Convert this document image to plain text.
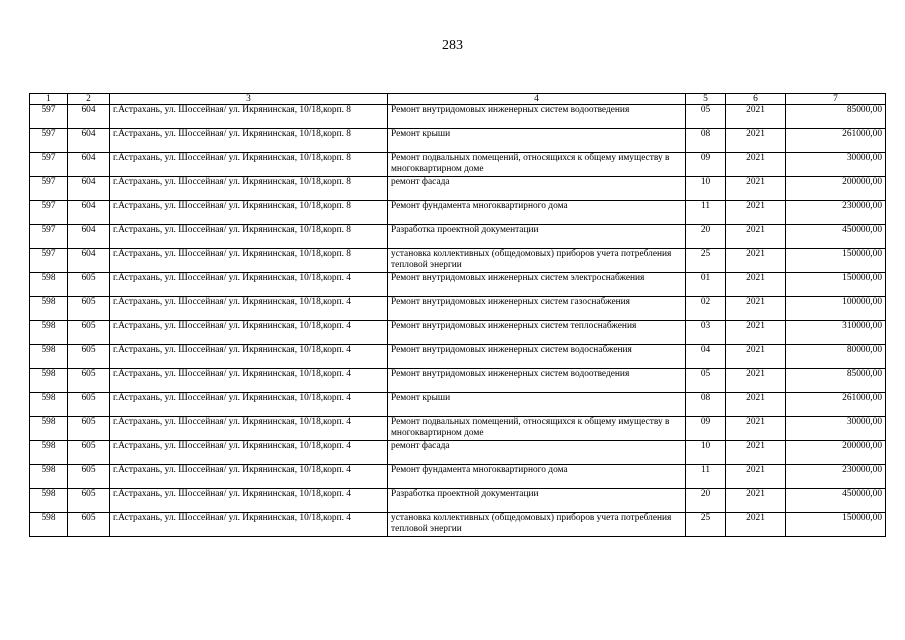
283
1	2	3	4	5	6	7
597	604	г.Астрахань, ул. Шоссейная/ ул. Икрянинская, 10/18,корп. 8	Ремонт внутридомовых инженерных систем водоотведения	05	2021	85000,00
597	604	г.Астрахань, ул. Шоссейная/ ул. Икрянинская, 10/18,корп. 8	Ремонт крыши	08	2021	261000,00
597	604	г.Астрахань, ул. Шоссейная/ ул. Икрянинская, 10/18,корп. 8	Ремонт подвальных помещений, относящихся к общему имуществу в многоквартирном доме	09	2021	30000,00
597	604	г.Астрахань, ул. Шоссейная/ ул. Икрянинская, 10/18,корп. 8	ремонт фасада	10	2021	200000,00
597	604	г.Астрахань, ул. Шоссейная/ ул. Икрянинская, 10/18,корп. 8	Ремонт фундамента многоквартирного дома	11	2021	230000,00
597	604	г.Астрахань, ул. Шоссейная/ ул. Икрянинская, 10/18,корп. 8	Разработка проектной документации	20	2021	450000,00
597	604	г.Астрахань, ул. Шоссейная/ ул. Икрянинская, 10/18,корп. 8	установка коллективных (общедомовых) приборов учета потребления тепловой энергии	25	2021	150000,00
598	605	г.Астрахань, ул. Шоссейная/ ул. Икрянинская, 10/18,корп. 4	Ремонт внутридомовых инженерных систем электроснабжения	01	2021	150000,00
598	605	г.Астрахань, ул. Шоссейная/ ул. Икрянинская, 10/18,корп. 4	Ремонт внутридомовых инженерных систем газоснабжения	02	2021	100000,00
598	605	г.Астрахань, ул. Шоссейная/ ул. Икрянинская, 10/18,корп. 4	Ремонт внутридомовых инженерных систем теплоснабжения	03	2021	310000,00
598	605	г.Астрахань, ул. Шоссейная/ ул. Икрянинская, 10/18,корп. 4	Ремонт внутридомовых инженерных систем водоснабжения	04	2021	80000,00
598	605	г.Астрахань, ул. Шоссейная/ ул. Икрянинская, 10/18,корп. 4	Ремонт внутридомовых инженерных систем водоотведения	05	2021	85000,00
598	605	г.Астрахань, ул. Шоссейная/ ул. Икрянинская, 10/18,корп. 4	Ремонт крыши	08	2021	261000,00
598	605	г.Астрахань, ул. Шоссейная/ ул. Икрянинская, 10/18,корп. 4	Ремонт подвальных помещений, относящихся к общему имуществу в многоквартирном доме	09	2021	30000,00
598	605	г.Астрахань, ул. Шоссейная/ ул. Икрянинская, 10/18,корп. 4	ремонт фасада	10	2021	200000,00
598	605	г.Астрахань, ул. Шоссейная/ ул. Икрянинская, 10/18,корп. 4	Ремонт фундамента многоквартирного дома	11	2021	230000,00
598	605	г.Астрахань, ул. Шоссейная/ ул. Икрянинская, 10/18,корп. 4	Разработка проектной документации	20	2021	450000,00
598	605	г.Астрахань, ул. Шоссейная/ ул. Икрянинская, 10/18,корп. 4	установка коллективных (общедомовых) приборов учета потребления тепловой энергии	25	2021	150000,00
